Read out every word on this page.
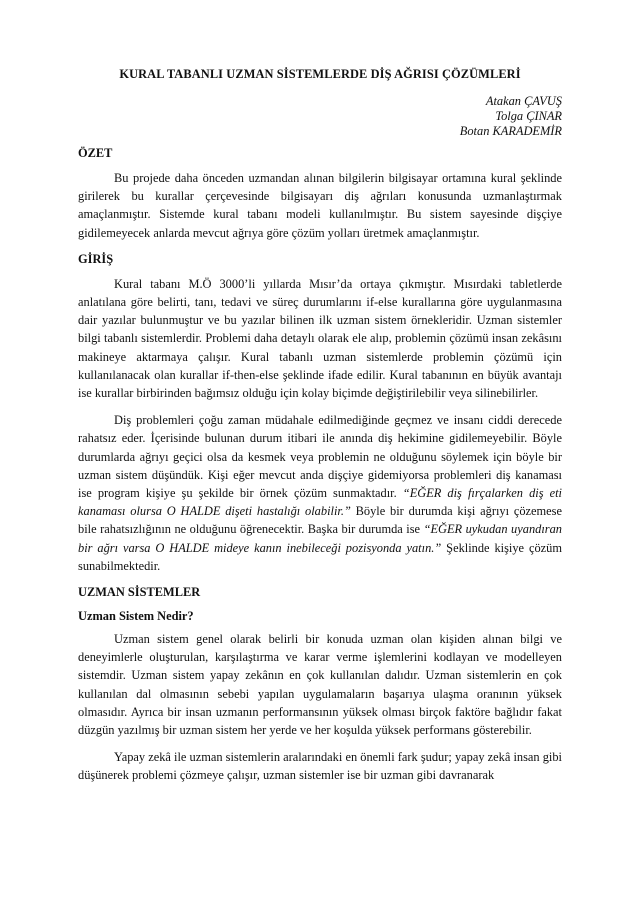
KURAL TABANLI UZMAN SİSTEMLERDE DİŞ AĞRISI ÇÖZÜMLERİ
Atakan ÇAVUŞ
Tolga ÇINAR
Botan KARADEMİR
ÖZET

Bu projede daha önceden uzmandan alınan bilgilerin bilgisayar ortamına kural şeklinde girilerek bu kurallar çerçevesinde bilgisayarı diş ağrıları konusunda uzmanlaştırmak amaçlanmıştır. Sistemde kural tabanı modeli kullanılmıştır. Bu sistem sayesinde dişçiye gidilemeyecek anlarda mevcut ağrıya göre çözüm yolları üretmek amaçlanmıştır.

GİRİŞ

Kural tabanı M.Ö 3000’li yıllarda Mısır’da ortaya çıkmıştır. Mısırdaki tabletlerde anlatılana göre belirti, tanı, tedavi ve süreç durumlarını if-else kurallarına göre uygulanmasına dair yazılar bulunmuştur ve bu yazılar bilinen ilk uzman sistem örnekleridir. Uzman sistemler bilgi tabanlı sistemlerdir. Problemi daha detaylı olarak ele alıp, problemin çözümü insan zekâsını makineye aktarmaya çalışır. Kural tabanlı uzman sistemlerde problemin çözümü için kullanılanacak olan kurallar if-then-else şeklinde ifade edilir. Kural tabanının en büyük avantajı ise kurallar birbirinden bağımsız olduğu için kolay biçimde değiştirilebilir veya silinebilirler.

Diş problemleri çoğu zaman müdahale edilmediğinde geçmez ve insanı ciddi derecede rahatsız eder. İçerisinde bulunan durum itibari ile anında diş hekimine gidilemeyebilir. Böyle durumlarda ağrıyı geçici olsa da kesmek veya problemin ne olduğunu söylemek için böyle bir uzman sistem düşündük. Kişi eğer mevcut anda dişçiye gidemiyorsa problemleri diş kanaması ise program kişiye şu şekilde bir örnek çözüm sunmaktadır. “EĞER diş fırçalarken diş eti kanaması olursa O HALDE dişeti hastalığı olabilir.” Böyle bir durumda kişi ağrıyı çözemese bile rahatsızlığının ne olduğunu öğrenecektir. Başka bir durumda ise “EĞER uykudan uyandıran bir ağrı varsa O HALDE mideye kanın inebileceği pozisyonda yatın.” Şeklinde kişiye çözüm sunabilmektedir.

UZMAN SİSTEMLER
Uzman Sistem Nedir?

Uzman sistem genel olarak belirli bir konuda uzman olan kişiden alınan bilgi ve deneyimlerle oluşturulan, karşılaştırma ve karar verme işlemlerini kodlayan ve modelleyen sistemdir. Uzman sistem yapay zekânın en çok kullanılan dalıdır. Uzman sistemlerin en çok kullanılan dal olmasının sebebi yapılan uygulamaların başarıya ulaşma oranının yüksek olmasıdır. Ayrıca bir insan uzmanın performansının yüksek olması birçok faktöre bağlıdır fakat düzgün yazılmış bir uzman sistem her yerde ve her koşulda yüksek performans gösterebilir.

Yapay zekâ ile uzman sistemlerin aralarındaki en önemli fark şudur; yapay zekâ insan gibi düşünerek problemi çözmeye çalışır, uzman sistemler ise bir uzman gibi davranarak
